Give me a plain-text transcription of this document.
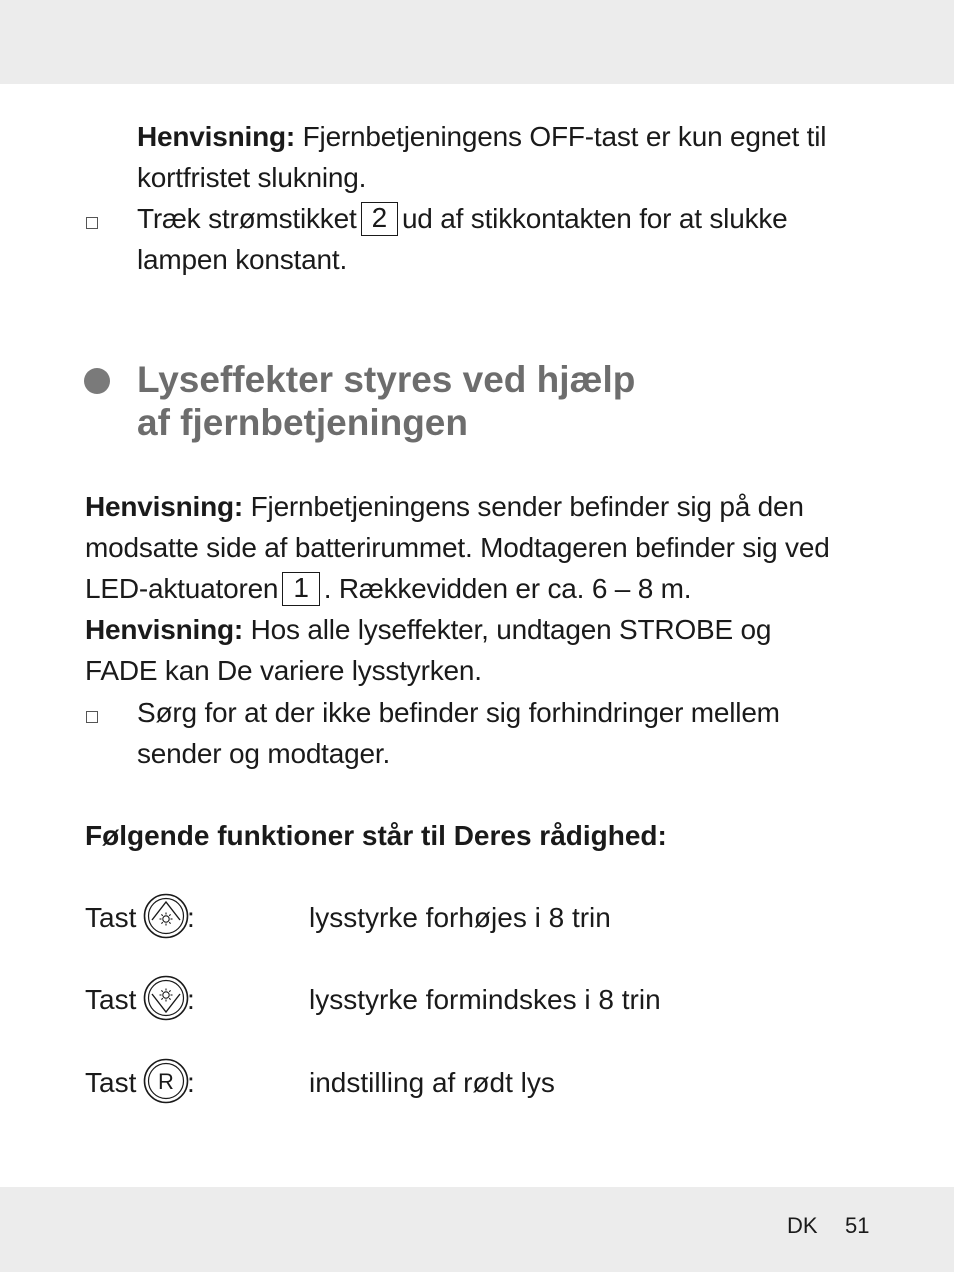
Henvisning: Fjernbetjeningens OFF-tast er kun egnet til
kortfristet slukning.
Træk strømstikket 2 ud af stikkontakten for at slukke
lampen konstant.
Lyseffekter styres ved hjælp
af fjernbetjeningen
Henvisning: Fjernbetjeningens sender befinder sig på den
modsatte side af batterirummet. Modtageren befinder sig ved
LED-aktuatoren 1 . Rækkevidden er ca. 6 – 8 m.
Henvisning: Hos alle lyseffekter, undtagen STROBE og
FADE kan De variere lysstyrken.
Sørg for at der ikke befinder sig forhindringer mellem
sender og modtager.
Følgende funktioner står til Deres rådighed:
Tast :	lysstyrke forhøjes i 8 trin
Tast :	lysstyrke formindskes i 8 trin
Tast R :	indstilling af rødt lys
DK 51
